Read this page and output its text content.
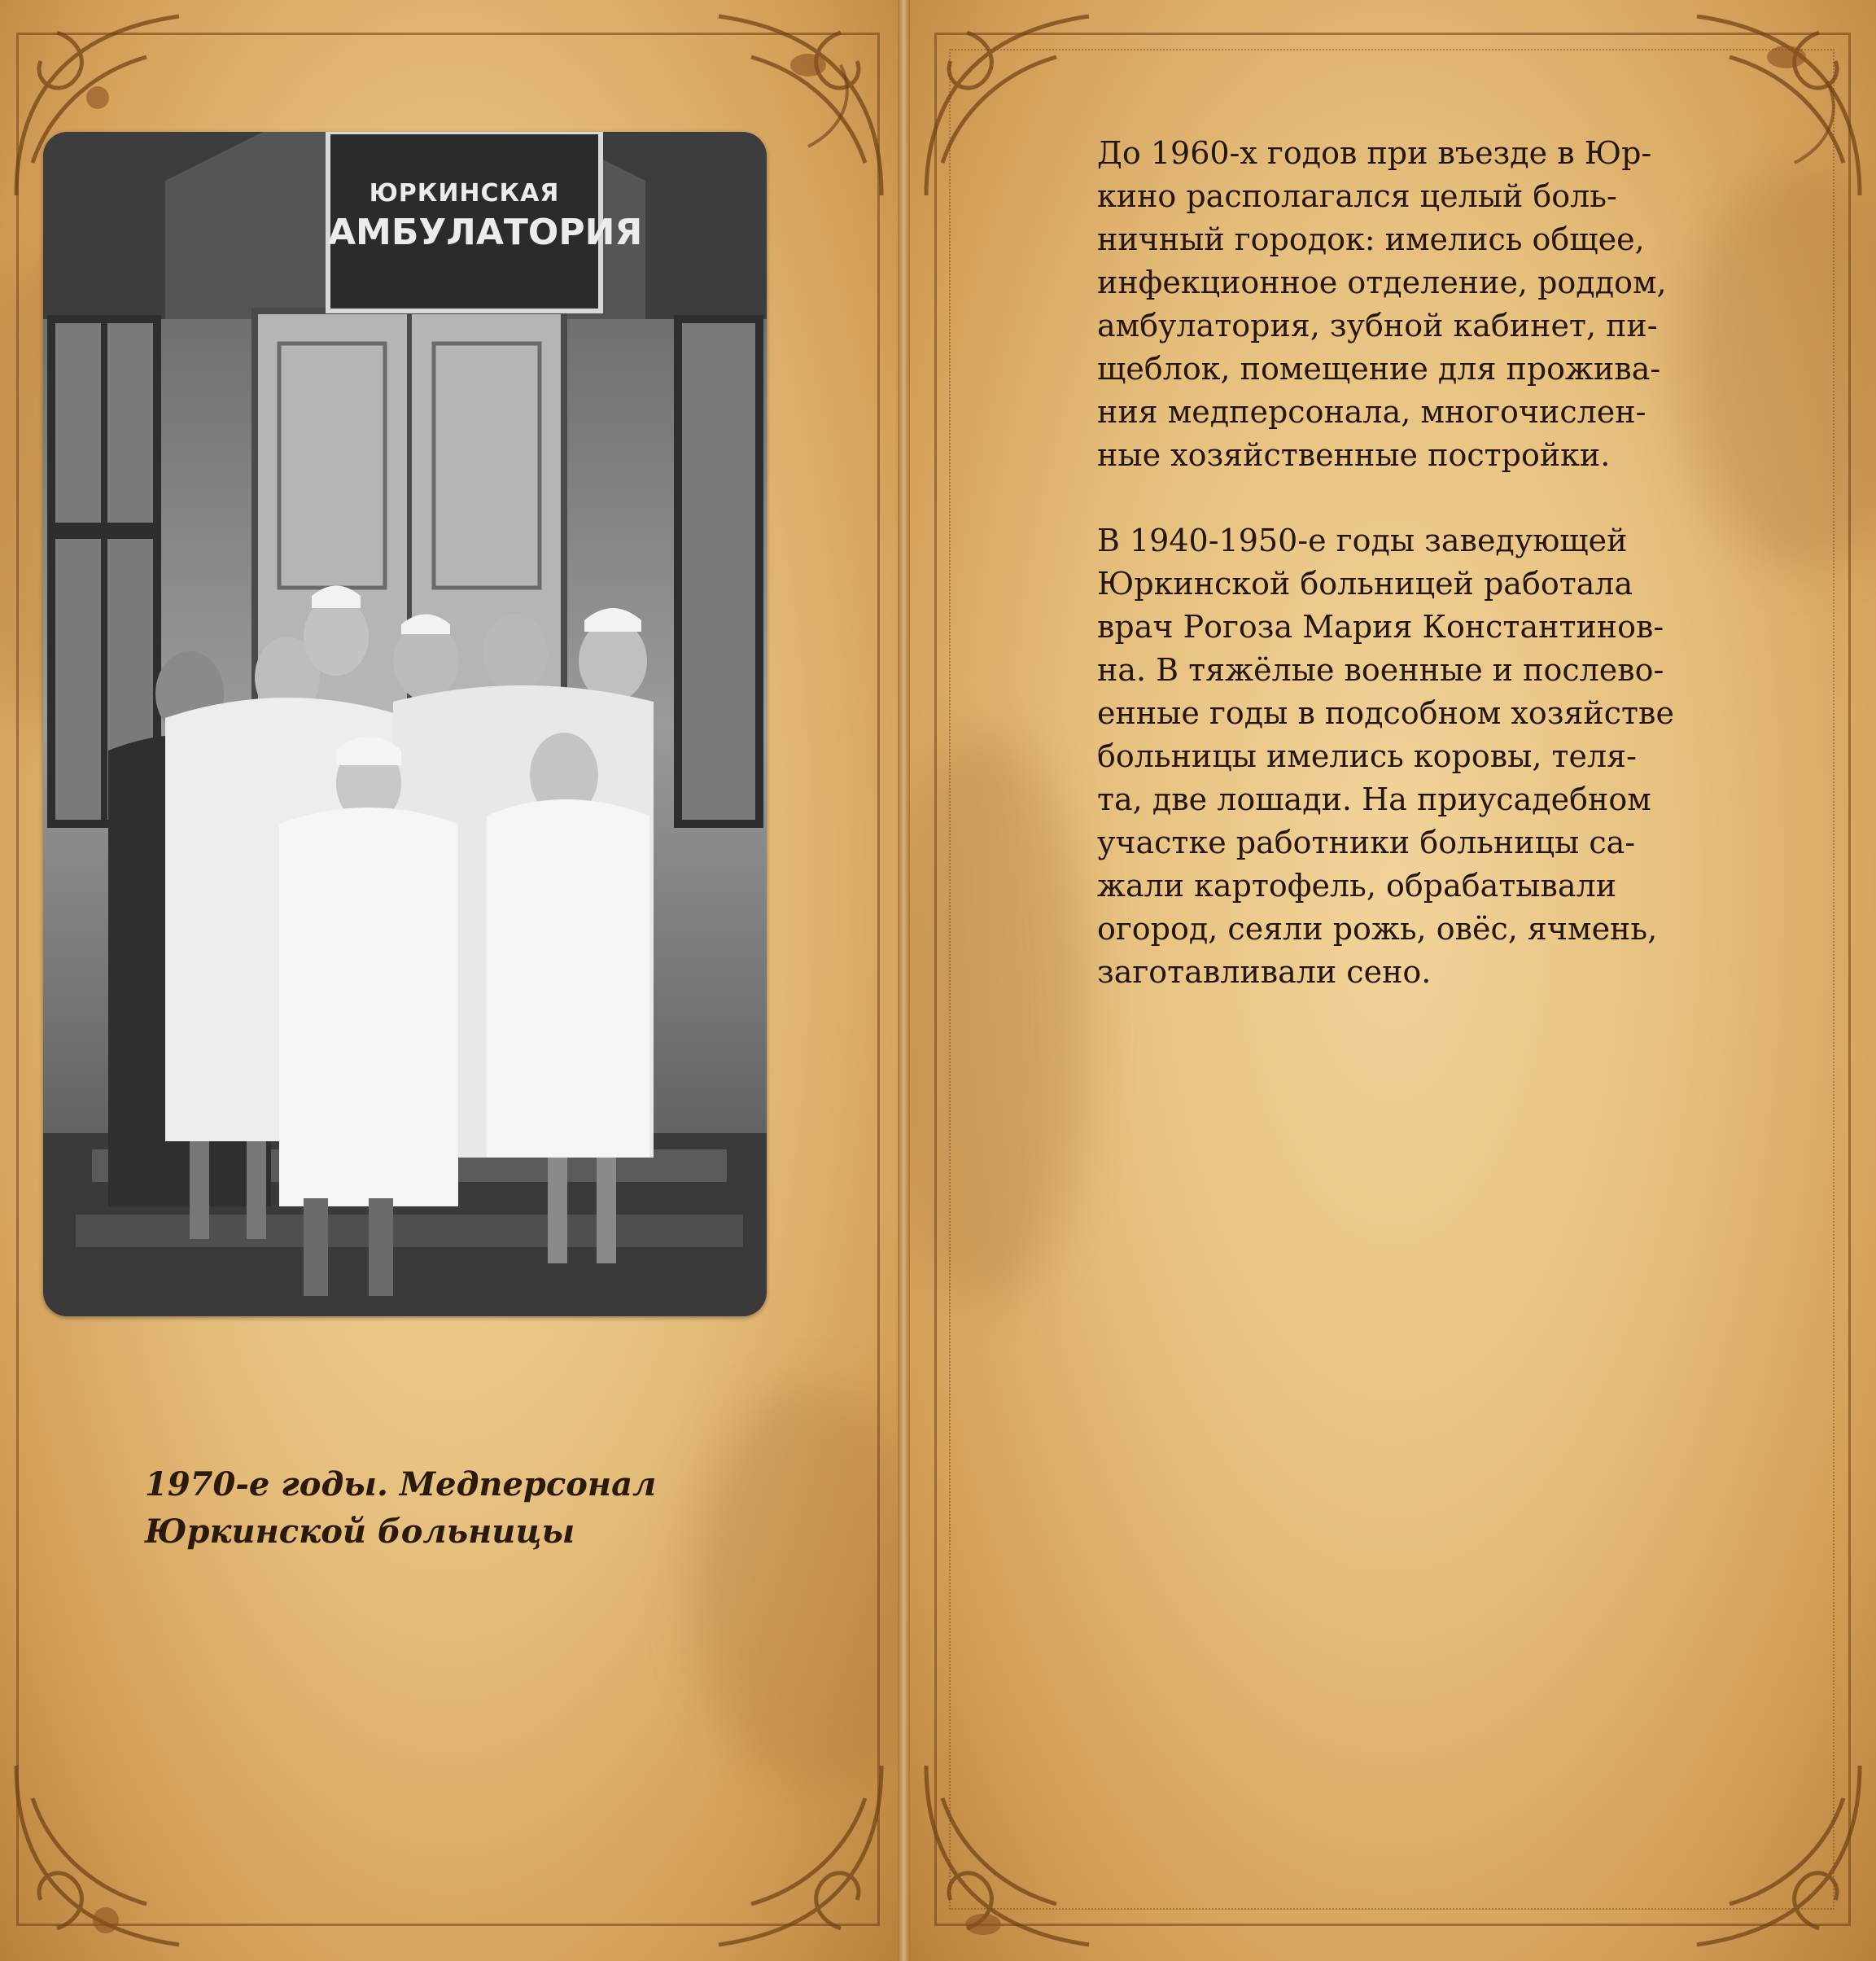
ЮРКИНСКАЯ
АМБУЛАТОРИЯ

1970-е годы. Медперсонал

Юркинской больницы

До 1960-х годов при въезде в Юр-
кино располагался целый боль-
ничный городок: имелись общее,
инфекционное отделение, роддом,
амбулатория, зубной кабинет, пи-
щеблок, помещение для прожива-
ния медперсонала, многочислен-
ные хозяйственные постройки.

В 1940-1950-е годы заведующей
Юркинской больницей работала
врач Рогоза Мария Константинов-
на. В тяжёлые военные и послево-
енные годы в подсобном хозяйстве
больницы имелись коровы, теля-
та, две лошади. На приусадебном
участке работники больницы са-
жали картофель, обрабатывали
огород, сеяли рожь, овёс, ячмень,
заготавливали сено.
